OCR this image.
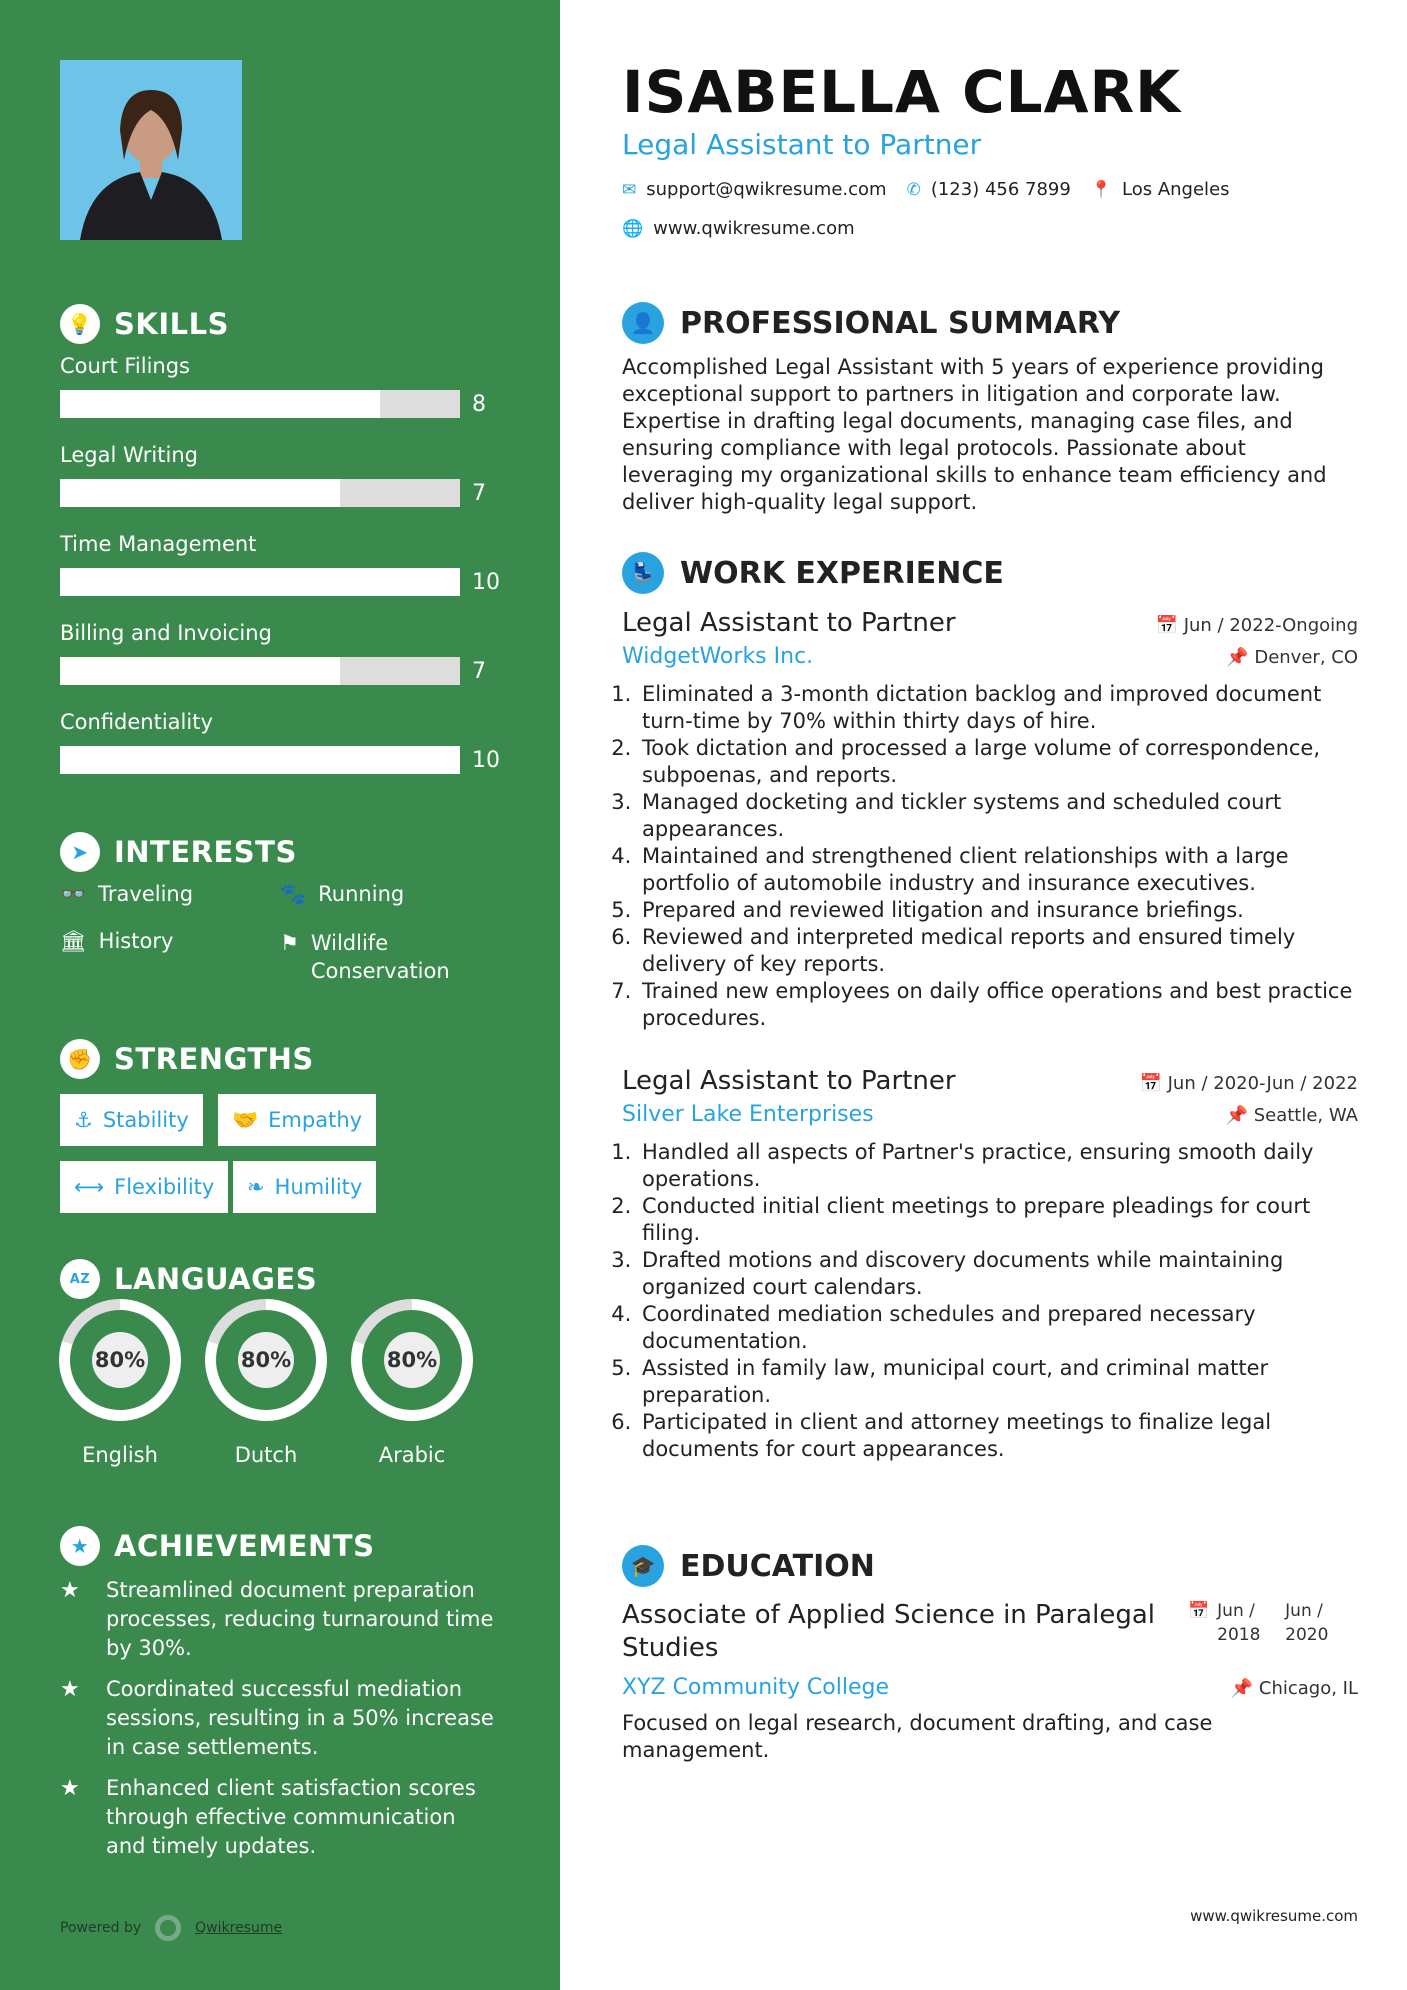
💡 SKILLS
Court Filings
8
Legal Writing
7
Time Management
10
Billing and Invoicing
7
Confidentiality
10
➤ INTERESTS
👓 Traveling	🐾 Running
🏛 History	⚑ Wildlife Conservation
✊ STRENGTHS
⚓ Stability 🤝 Empathy
⟷ Flexibility ❧ Humility
AZ LANGUAGES
80%
English
80%
Dutch
80%
Arabic
★ ACHIEVEMENTS
★	Streamlined document preparation processes, reducing turnaround time by 30%.
★	Coordinated successful mediation sessions, resulting in a 50% increase in case settlements.
★	Enhanced client satisfaction scores through effective communication and timely updates.
Powered by	Qwikresume
ISABELLA CLARK
Legal Assistant to Partner
✉ support@qwikresume.com ✆ (123) 456 7899 📍 Los Angeles
🌐 www.qwikresume.com
👤 PROFESSIONAL SUMMARY
Accomplished Legal Assistant with 5 years of experience providing exceptional support to partners in litigation and corporate law. Expertise in drafting legal documents, managing case files, and ensuring compliance with legal protocols. Passionate about leveraging my organizational skills to enhance team efficiency and deliver high-quality legal support.
💺 WORK EXPERIENCE
Legal Assistant to Partner	📅 Jun / 2022-Ongoing
WidgetWorks Inc.	📌 Denver, CO
1. Eliminated a 3-month dictation backlog and improved document turn-time by 70% within thirty days of hire.
2. Took dictation and processed a large volume of correspondence, subpoenas, and reports.
3. Managed docketing and tickler systems and scheduled court appearances.
4. Maintained and strengthened client relationships with a large portfolio of automobile industry and insurance executives.
5. Prepared and reviewed litigation and insurance briefings.
6. Reviewed and interpreted medical reports and ensured timely delivery of key reports.
7. Trained new employees on daily office operations and best practice procedures.
Legal Assistant to Partner	📅 Jun / 2020-Jun / 2022
Silver Lake Enterprises	📌 Seattle, WA
1. Handled all aspects of Partner's practice, ensuring smooth daily operations.
2. Conducted initial client meetings to prepare pleadings for court filing.
3. Drafted motions and discovery documents while maintaining organized court calendars.
4. Coordinated mediation schedules and prepared necessary documentation.
5. Assisted in family law, municipal court, and criminal matter preparation.
6. Participated in client and attorney meetings to finalize legal documents for court appearances.
🎓 EDUCATION
Associate of Applied Science in Paralegal Studies
📅 Jun / 2018
Jun / 2020
XYZ Community College	📌 Chicago, IL
Focused on legal research, document drafting, and case management.
www.qwikresume.com
